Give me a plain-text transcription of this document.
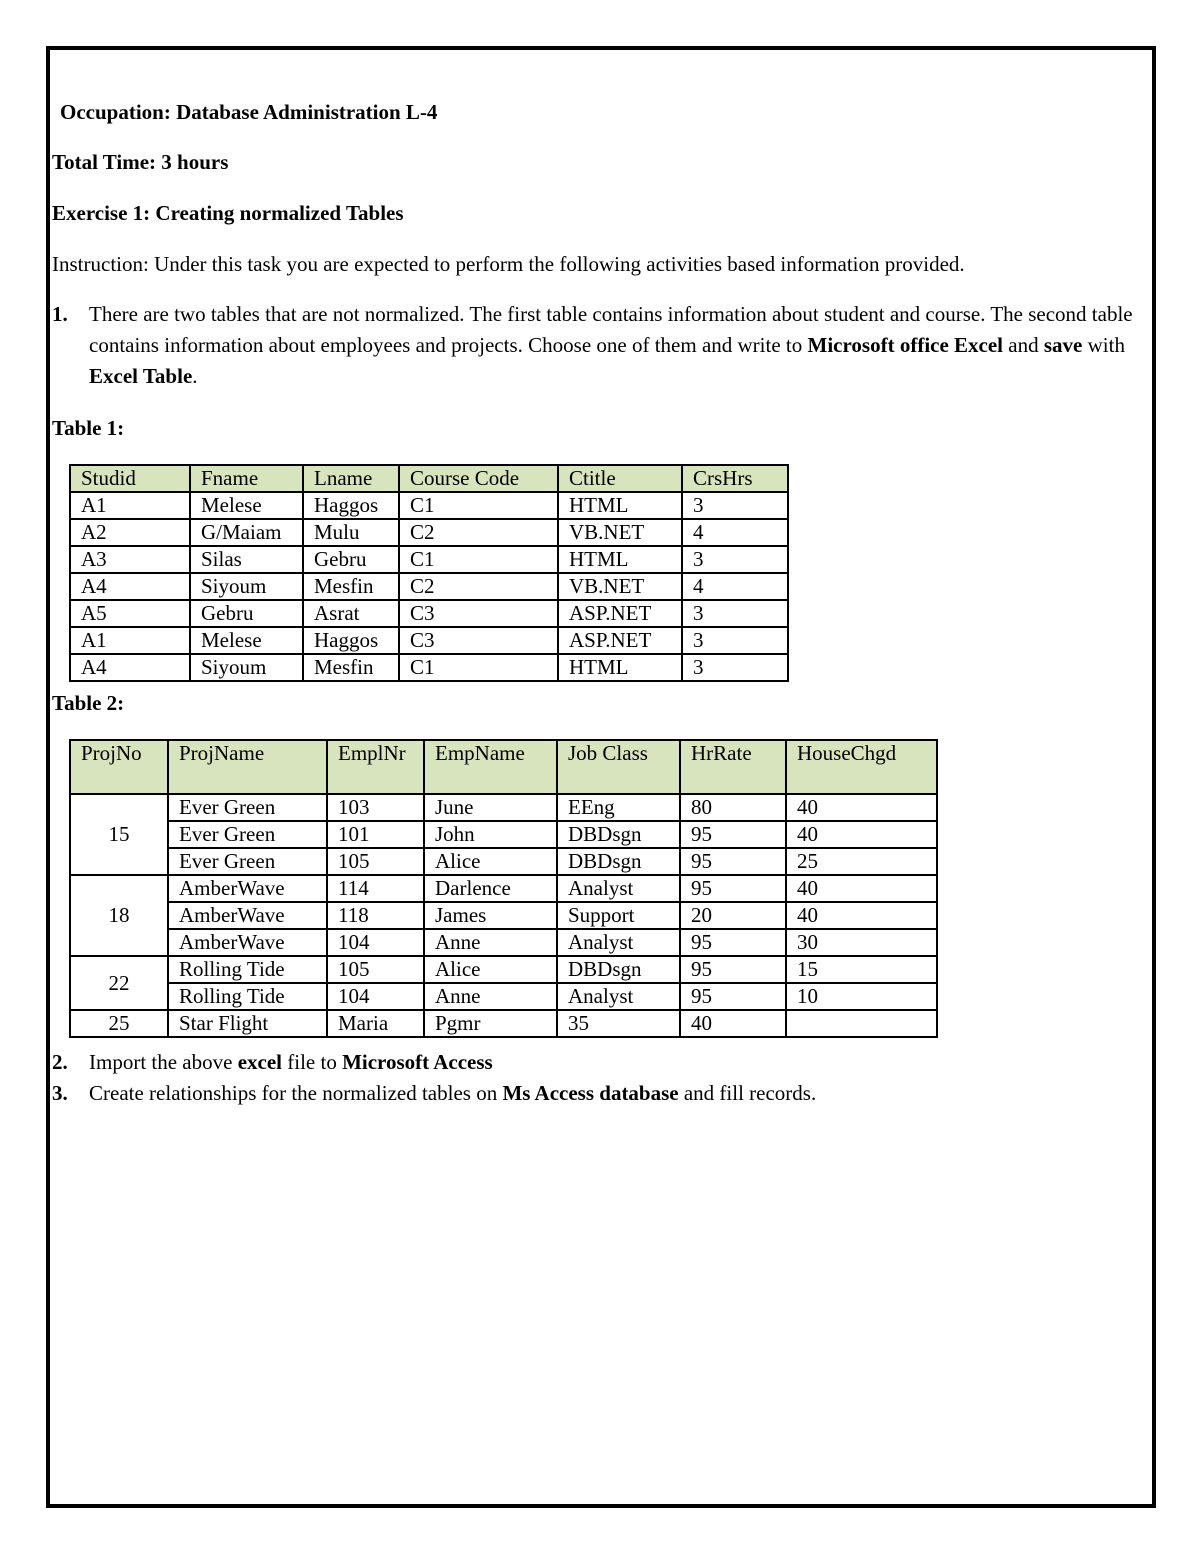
Occupation: Database Administration L-4
Total Time: 3 hours
Exercise 1: Creating normalized Tables
Instruction: Under this task you are expected to perform the following activities based information provided.
1. There are two tables that are not normalized. The first table contains information about student and course. The second table contains information about employees and projects. Choose one of them and write to Microsoft office Excel and save with Excel Table.
Table 1:
Table 2:
2. Import the above excel file to Microsoft Access
3. Create relationships for the normalized tables on Ms Access database and fill records.
Studid	Fname	Lname	Course Code	Ctitle	CrsHrs
A1	Melese	Haggos	C1	HTML	3
A2	G/Maiam	Mulu	C2	VB.NET	4
A3	Silas	Gebru	C1	HTML	3
A4	Siyoum	Mesfin	C2	VB.NET	4
A5	Gebru	Asrat	C3	ASP.NET	3
A1	Melese	Haggos	C3	ASP.NET	3
A4	Siyoum	Mesfin	C1	HTML	3
ProjNo	ProjName	EmplNr	EmpName	Job Class	HrRate	HouseChgd
15	Ever Green	103	June	EEng	80	40
	Ever Green	101	John	DBDsgn	95	40
	Ever Green	105	Alice	DBDsgn	95	25
18	AmberWave	114	Darlence	Analyst	95	40
	AmberWave	118	James	Support	20	40
	AmberWave	104	Anne	Analyst	95	30
22	Rolling Tide	105	Alice	DBDsgn	95	15
	Rolling Tide	104	Anne	Analyst	95	10
25	Star Flight	Maria	Pgmr	35	40	
